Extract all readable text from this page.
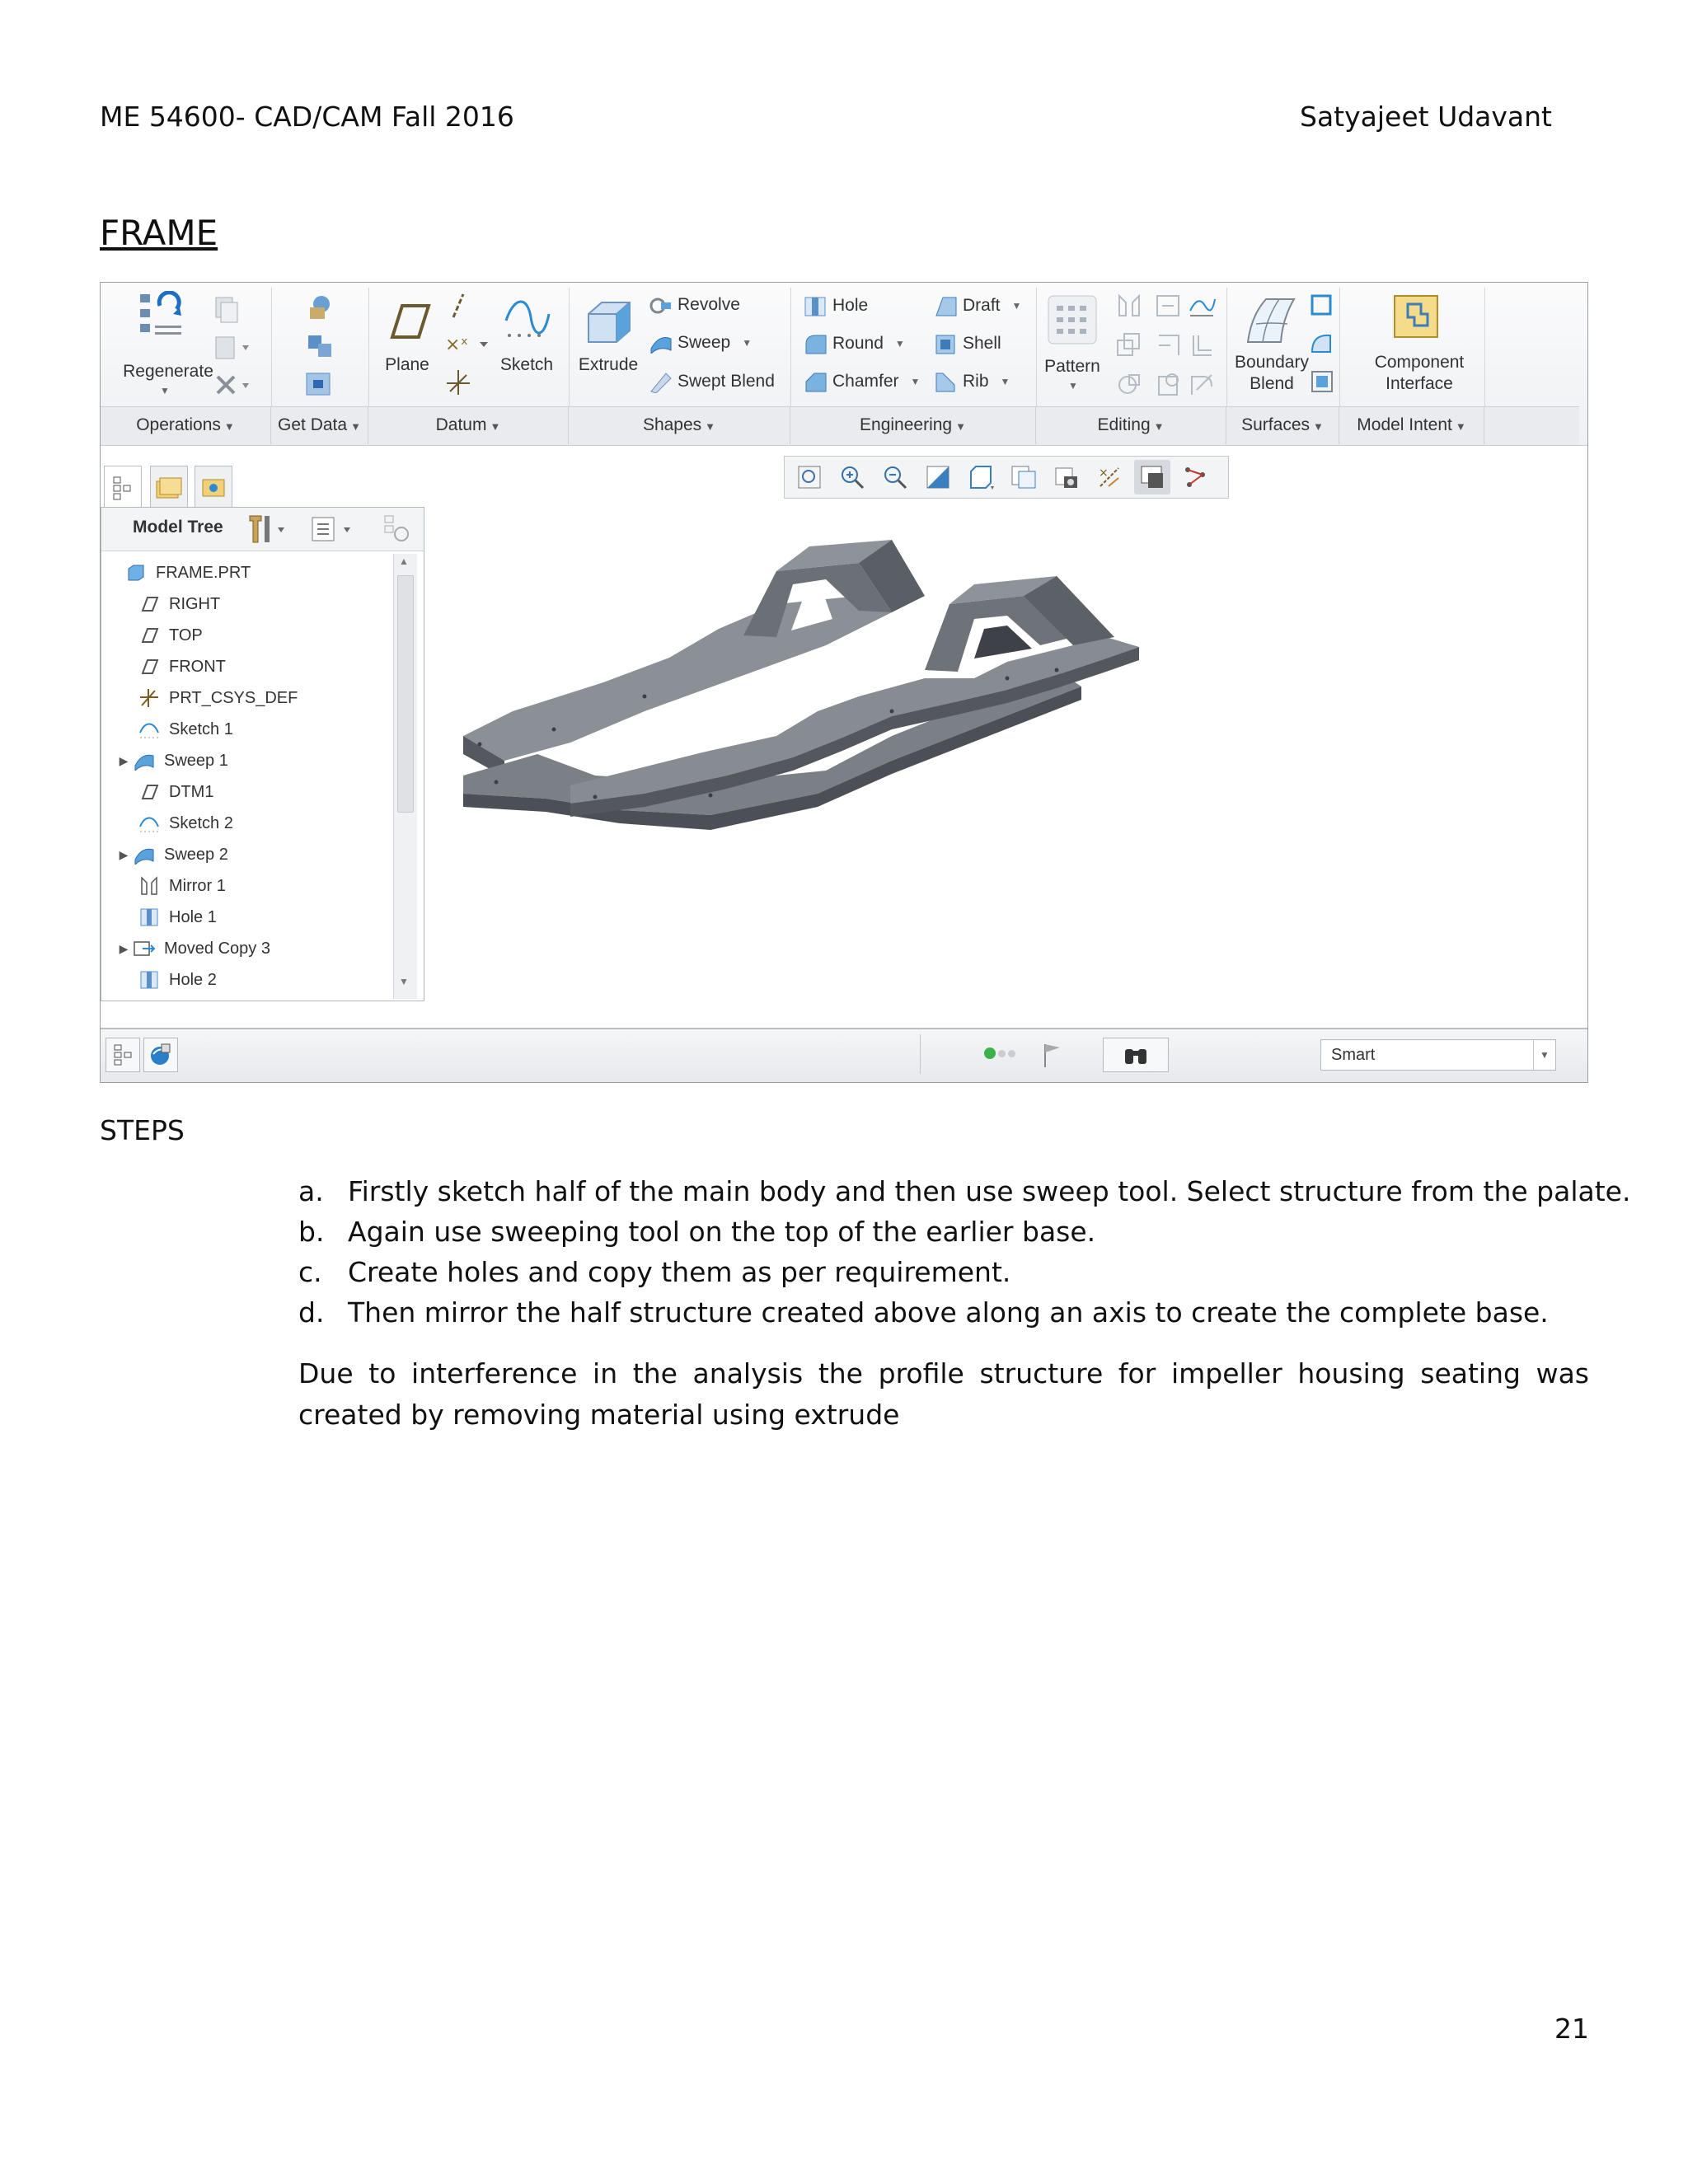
ME 54600- CAD/CAM Fall 2016	Satyajeet Udavant
FRAME
Regenerate
▼
Plane
×ˣ
Sketch Extrude
Revolve
Sweep ▼
Swept Blend
Hole
Round ▼
Chamfer ▼
Draft ▼
Shell
Rib ▼
Pattern
▼
Boundary
Blend
Component
Interface
Operations ▼	Get Data ▼	Datum ▼	Shapes ▼	Engineering ▼	Editing ▼	Surfaces ▼	Model Intent ▼
Model Tree
FRAME.PRT
RIGHT
TOP
FRONT
PRT_CSYS_DEF
Sketch 1
▶ Sweep 1
DTM1
Sketch 2
▶ Sweep 2
Mirror 1
Hole 1
▶ Moved Copy 3
Hole 2
▲
▼
×
Smart	▼
STEPS
a. Firstly sketch half of the main body and then use sweep tool. Select structure from the palate.
b. Again use sweeping tool on the top of the earlier base.
c. Create holes and copy them as per requirement.
d. Then mirror the half structure created above along an axis to create the complete base.
Due to interference in the analysis the profile structure for impeller housing seating was created by removing material using extrude
21
